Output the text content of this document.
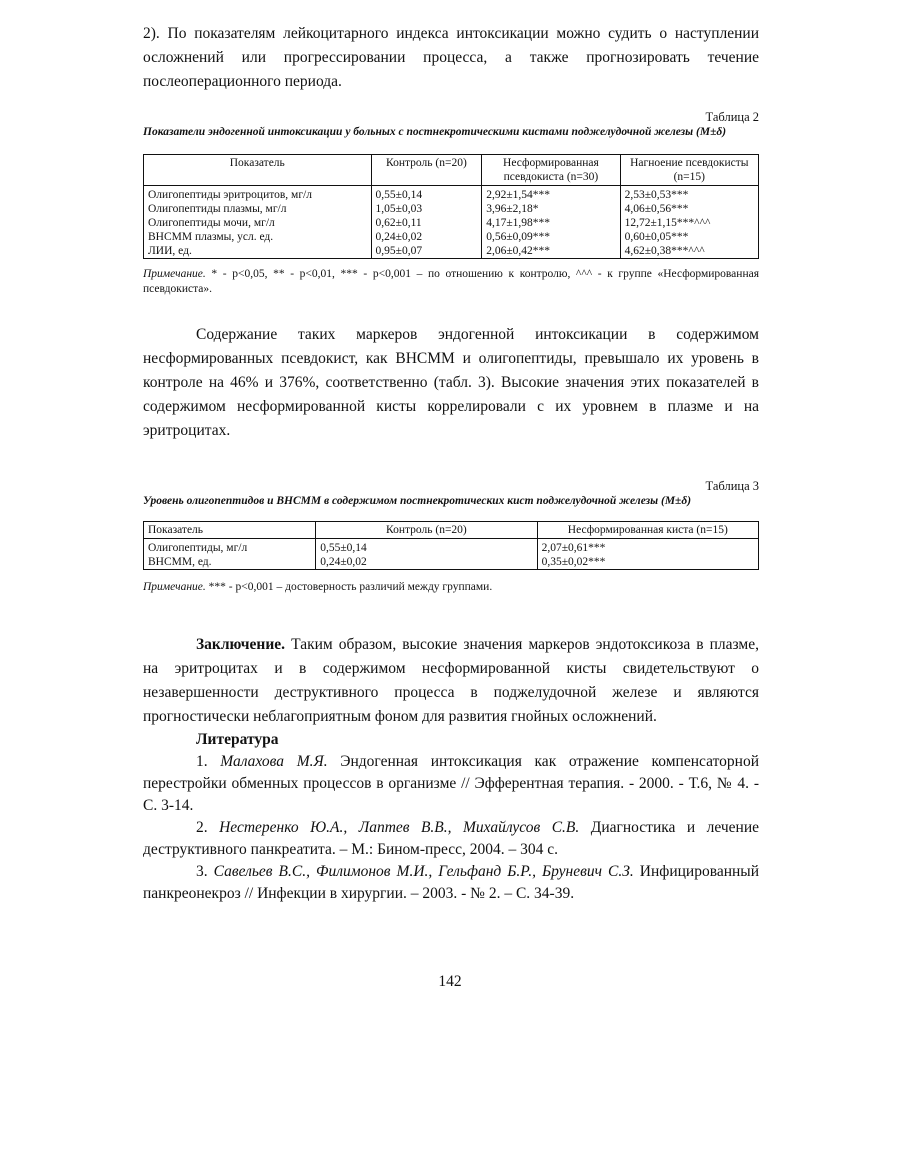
2). По показателям лейкоцитарного индекса интоксикации можно судить о наступлении осложнений или прогрессировании процесса, а также прогнозировать течение послеоперационного периода.

Таблица 2

Показатели эндогенной интоксикации у больных с постнекротическими кистами поджелудочной железы (M±δ)

Показатель	Контроль (n=20)	Несформированная псевдокиста (n=30)	Нагноение псевдокисты (n=15)
Олигопептиды эритроцитов, мг/л	0,55±0,14	2,92±1,54***	2,53±0,53***
Олигопептиды плазмы, мг/л	1,05±0,03	3,96±2,18*	4,06±0,56***
Олигопептиды мочи, мг/л	0,62±0,11	4,17±1,98***	12,72±1,15***^^^
ВНСММ плазмы, усл. ед.	0,24±0,02	0,56±0,09***	0,60±0,05***
ЛИИ, ед.	0,95±0,07	2,06±0,42***	4,62±0,38***^^^

Примечание. * - p<0,05, ** - p<0,01, *** - p<0,001 – по отношению к контролю, ^^^ - к группе «Несформированная псевдокиста».

Содержание таких маркеров эндогенной интоксикации в содержимом несформированных псевдокист, как ВНСММ и олигопептиды, превышало их уровень в контроле на 46% и 376%, соответственно (табл. 3). Высокие значения этих показателей в содержимом несформированной кисты коррелировали с их уровнем в плазме и на эритроцитах.

Таблица 3

Уровень олигопептидов и ВНСММ в содержимом постнекротических кист поджелудочной железы (M±δ)

Показатель	Контроль (n=20)	Несформированная киста (n=15)
Олигопептиды, мг/л	0,55±0,14	2,07±0,61***
ВНСММ, ед.	0,24±0,02	0,35±0,02***

Примечание. *** - p<0,001 – достоверность различий между группами.

Заключение. Таким образом, высокие значения маркеров эндотоксикоза в плазме, на эритроцитах и в содержимом несформированной кисты свидетельствуют о незавершенности деструктивного процесса в поджелудочной железе и являются прогностически неблагоприятным фоном для развития гнойных осложнений.

Литература

1. Малахова М.Я. Эндогенная интоксикация как отражение компенсаторной перестройки обменных процессов в организме // Эфферентная терапия. - 2000. - Т.6, № 4. - С. 3-14.

2. Нестеренко Ю.А., Лаптев В.В., Михайлусов С.В. Диагностика и лечение деструктивного панкреатита. – М.: Бином-пресс, 2004. – 304 с.

3. Савельев В.С., Филимонов М.И., Гельфанд Б.Р., Бруневич С.З. Инфицированный панкреонекроз // Инфекции в хирургии. – 2003. - № 2. – С. 34-39.

142
